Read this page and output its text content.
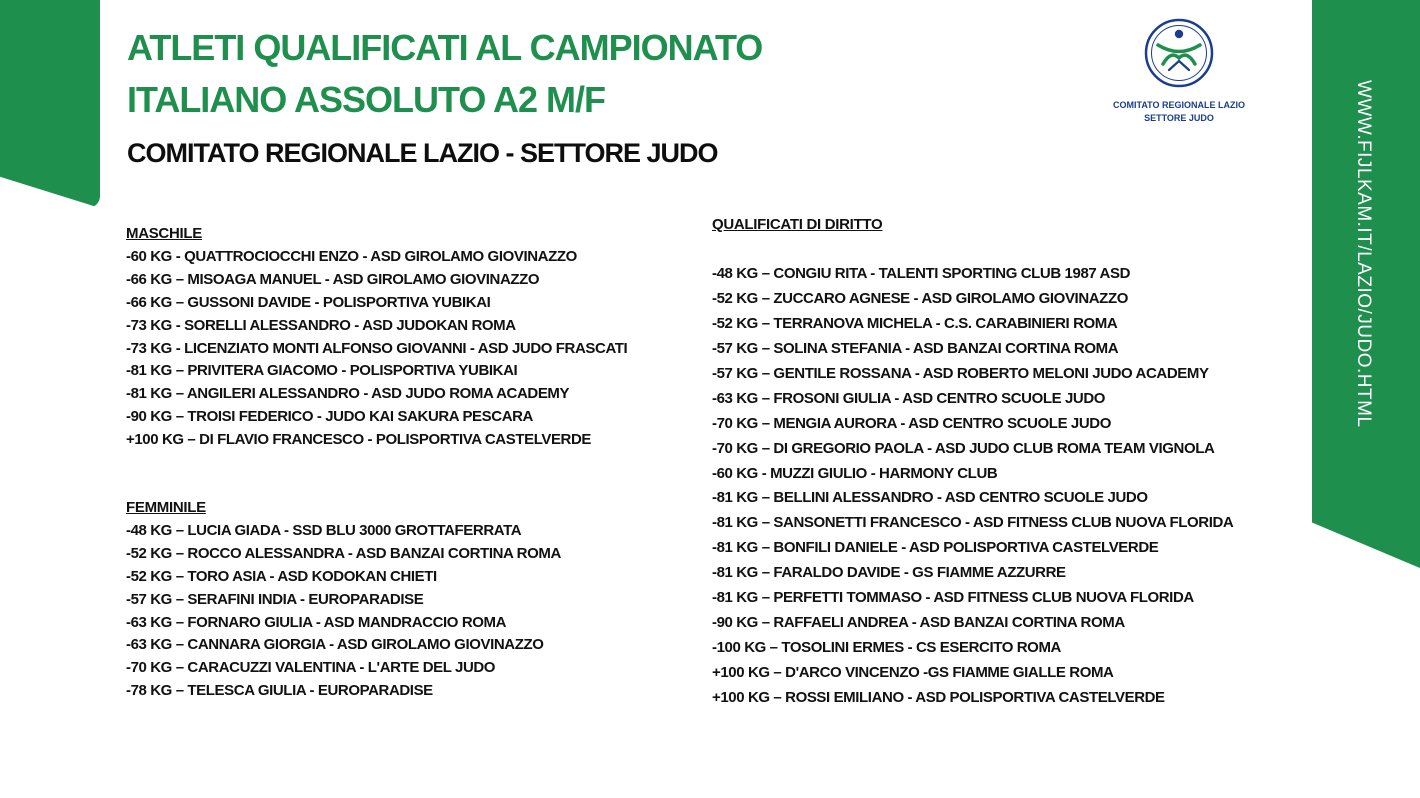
WWW.FIJLKAM.IT/LAZIO/JUDO.HTML
ATLETI QUALIFICATI AL CAMPIONATO
ITALIANO ASSOLUTO A2 M/F
COMITATO REGIONALE LAZIO - SETTORE JUDO
COMITATO REGIONALE LAZIO
SETTORE JUDO
MASCHILE
-60 KG - QUATTROCIOCCHI ENZO - ASD GIROLAMO GIOVINAZZO
-66 KG – MISOAGA MANUEL - ASD GIROLAMO GIOVINAZZO
-66 KG – GUSSONI DAVIDE - POLISPORTIVA YUBIKAI
-73 KG - SORELLI ALESSANDRO - ASD JUDOKAN ROMA
-73 KG - LICENZIATO MONTI ALFONSO GIOVANNI - ASD JUDO FRASCATI
-81 KG – PRIVITERA GIACOMO - POLISPORTIVA YUBIKAI
-81 KG – ANGILERI ALESSANDRO - ASD JUDO ROMA ACADEMY
-90 KG – TROISI FEDERICO - JUDO KAI SAKURA PESCARA
+100 KG – DI FLAVIO FRANCESCO - POLISPORTIVA CASTELVERDE
FEMMINILE
-48 KG – LUCIA GIADA - SSD BLU 3000 GROTTAFERRATA
-52 KG – ROCCO ALESSANDRA - ASD BANZAI CORTINA ROMA
-52 KG – TORO ASIA - ASD KODOKAN CHIETI
-57 KG – SERAFINI INDIA - EUROPARADISE
-63 KG – FORNARO GIULIA - ASD MANDRACCIO ROMA
-63 KG – CANNARA GIORGIA - ASD GIROLAMO GIOVINAZZO
-70 KG – CARACUZZI VALENTINA - L'ARTE DEL JUDO
-78 KG – TELESCA GIULIA - EUROPARADISE
QUALIFICATI DI DIRITTO
-48 KG – CONGIU RITA - TALENTI SPORTING CLUB 1987 ASD
-52 KG – ZUCCARO AGNESE - ASD GIROLAMO GIOVINAZZO
-52 KG – TERRANOVA MICHELA - C.S. CARABINIERI ROMA
-57 KG – SOLINA STEFANIA - ASD BANZAI CORTINA ROMA
-57 KG – GENTILE ROSSANA - ASD ROBERTO MELONI JUDO ACADEMY
-63 KG – FROSONI GIULIA - ASD CENTRO SCUOLE JUDO
-70 KG – MENGIA AURORA - ASD CENTRO SCUOLE JUDO
-70 KG – DI GREGORIO PAOLA - ASD JUDO CLUB ROMA TEAM VIGNOLA
-60 KG - MUZZI GIULIO - HARMONY CLUB
-81 KG – BELLINI ALESSANDRO - ASD CENTRO SCUOLE JUDO
-81 KG – SANSONETTI FRANCESCO - ASD FITNESS CLUB NUOVA FLORIDA
-81 KG – BONFILI DANIELE - ASD POLISPORTIVA CASTELVERDE
-81 KG – FARALDO DAVIDE - GS FIAMME AZZURRE
-81 KG – PERFETTI TOMMASO - ASD FITNESS CLUB NUOVA FLORIDA
-90 KG – RAFFAELI ANDREA - ASD BANZAI CORTINA ROMA
-100 KG – TOSOLINI ERMES - CS ESERCITO ROMA
+100 KG – D'ARCO VINCENZO -GS FIAMME GIALLE ROMA
+100 KG – ROSSI EMILIANO - ASD POLISPORTIVA CASTELVERDE
